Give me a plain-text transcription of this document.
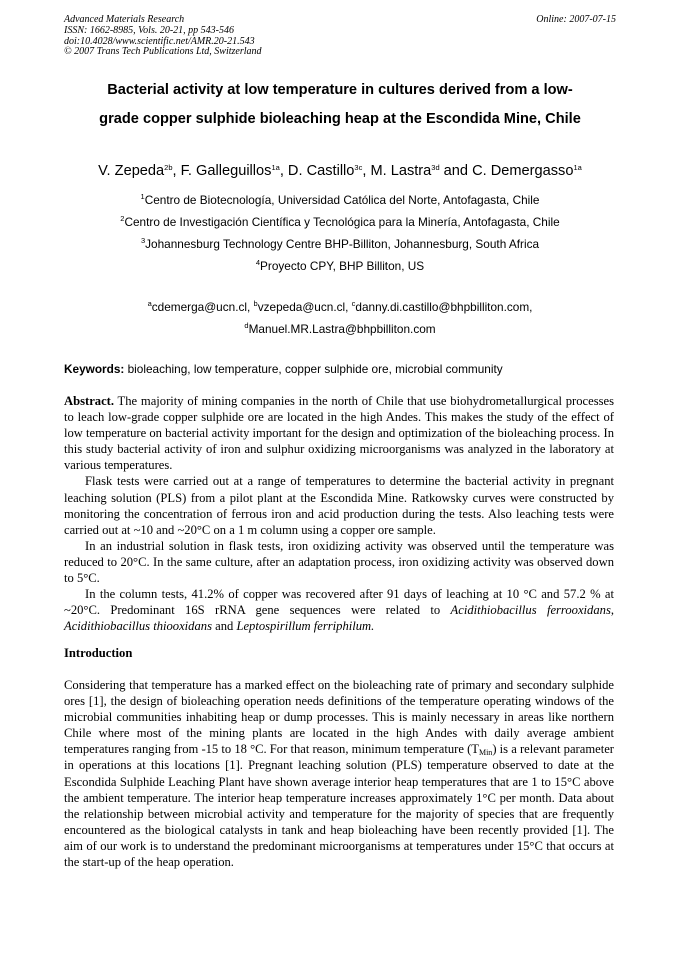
Advanced Materials Research
ISSN: 1662-8985, Vols. 20-21, pp 543-546
doi:10.4028/www.scientific.net/AMR.20-21.543
© 2007 Trans Tech Publications Ltd, Switzerland
Online: 2007-07-15
Bacterial activity at low temperature in cultures derived from a low-
grade copper sulphide bioleaching heap at the Escondida Mine, Chile
V. Zepeda$^{2b}$, F. Galleguillos$^{1a}$, D. Castillo$^{3c}$, M. Lastra$^{3d}$ and C. Demergasso$^{1a}$
$^1$Centro de Biotecnología, Universidad Católica del Norte, Antofagasta, Chile
$^2$Centro de Investigación Científica y Tecnológica para la Minería, Antofagasta, Chile
$^3$Johannesburg Technology Centre BHP-Billiton, Johannesburg, South Africa
$^4$Proyecto CPY, BHP Billiton, US
$^a$cdemerga@ucn.cl, $^b$vzepeda@ucn.cl, $^c$danny.di.castillo@bhpbilliton.com,
$^d$Manuel.MR.Lastra@bhpbilliton.com
Keywords: bioleaching, low temperature, copper sulphide ore, microbial community

Abstract. The majority of mining companies in the north of Chile that use biohydrometallurgical processes to leach low-grade copper sulphide ore are located in the high Andes. This makes the study of the effect of low temperature on bacterial activity important for the design and optimization of the bioleaching process. In this study bacterial activity of iron and sulphur oxidizing microorganisms was analyzed in the laboratory at various temperatures.

Flask tests were carried out at a range of temperatures to determine the bacterial activity in pregnant leaching solution (PLS) from a pilot plant at the Escondida Mine. Ratkowsky curves were constructed by monitoring the concentration of ferrous iron and acid production during the tests. Also leaching tests were carried out at ~10 and ~20°C on a 1 m column using a copper ore sample.

In an industrial solution in flask tests, iron oxidizing activity was observed until the temperature was reduced to 20°C. In the same culture, after an adaptation process, iron oxidizing activity was observed down to 5°C.

In the column tests, 41.2% of copper was recovered after 91 days of leaching at 10 °C and 57.2 % at ~20°C. Predominant 16S rRNA gene sequences were related to Acidithiobacillus ferrooxidans, Acidithiobacillus thiooxidans and Leptospirillum ferriphilum.

Introduction

Considering that temperature has a marked effect on the bioleaching rate of primary and secondary sulphide ores [1], the design of bioleaching operation needs definitions of the temperature operating windows of the microbial communities inhabiting heap or dump processes. This is mainly necessary in areas like northern Chile where most of the mining plants are located in the high Andes with daily average ambient temperatures ranging from -15 to 18 °C. For that reason, minimum temperature $(T_{Min})$ is a relevant parameter in operations at this locations [1]. Pregnant leaching solution (PLS) temperature observed to date at the Escondida Sulphide Leaching Plant have shown average interior heap temperatures that are 1 to 15°C above the ambient temperature. The interior heap temperature increases approximately 1°C per month. Data about the relationship between microbial activity and temperature for the majority of species that are frequently encountered as the biological catalysts in tank and heap bioleaching have been recently provided [1]. The aim of our work is to understand the predominant microorganisms at temperatures under 15°C that occurs at the start-up of the heap operation.
